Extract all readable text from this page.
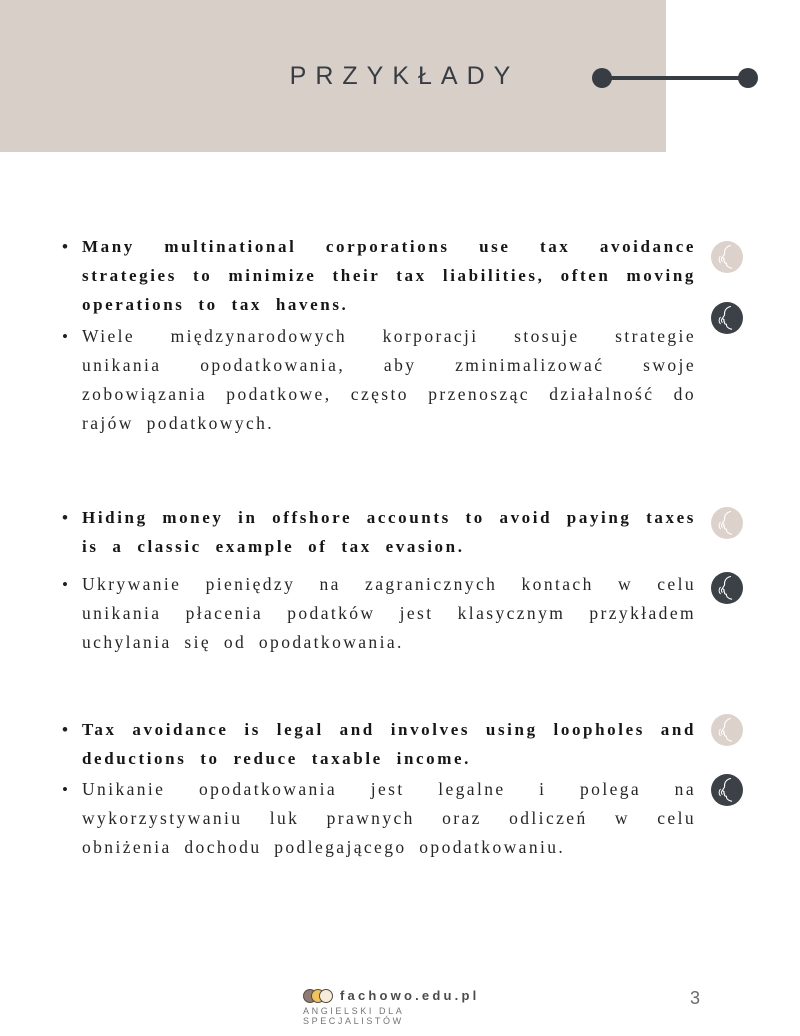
PRZYKŁADY
• Many multinational corporations use tax avoidance strategies to minimize their tax liabilities, often moving operations to tax havens.
• Wiele międzynarodowych korporacji stosuje strategie unikania opodatkowania, aby zminimalizować swoje zobowiązania podatkowe, często przenosząc działalność do rajów podatkowych.
• Hiding money in offshore accounts to avoid paying taxes is a classic example of tax evasion.
• Ukrywanie pieniędzy na zagranicznych kontach w celu unikania płacenia podatków jest klasycznym przykładem uchylania się od opodatkowania.
• Tax avoidance is legal and involves using loopholes and deductions to reduce taxable income.
• Unikanie opodatkowania jest legalne i polega na wykorzystywaniu luk prawnych oraz odliczeń w celu obniżenia dochodu podlegającego opodatkowaniu.
fachowo.edu.pl
ANGIELSKI DLA SPECJALISTÓW
3
